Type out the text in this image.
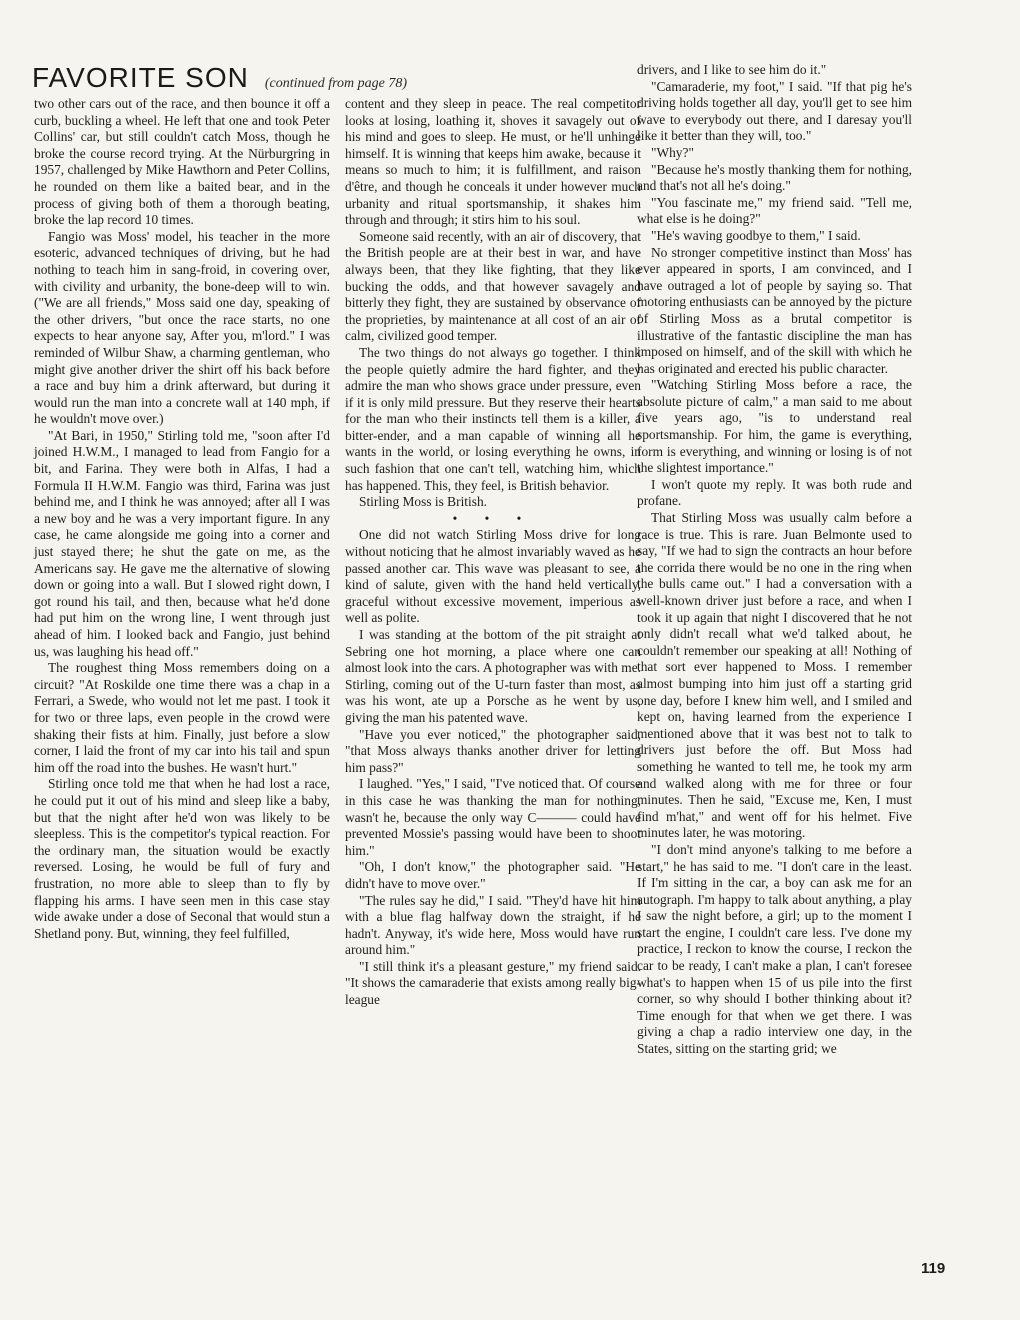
FAVORITE SON (continued from page 78)

two other cars out of the race, and then bounce it off a curb, buckling a wheel. He left that one and took Peter Collins' car, but still couldn't catch Moss, though he broke the course record trying. At the Nürburgring in 1957, challenged by Mike Hawthorn and Peter Collins, he rounded on them like a baited bear, and in the process of giving both of them a thorough beating, broke the lap record 10 times.

Fangio was Moss' model, his teacher in the more esoteric, advanced techniques of driving, but he had nothing to teach him in sang-froid, in covering over, with civility and urbanity, the bone-deep will to win. ("We are all friends," Moss said one day, speaking of the other drivers, "but once the race starts, no one expects to hear anyone say, After you, m'lord." I was reminded of Wilbur Shaw, a charming gentleman, who might give another driver the shirt off his back before a race and buy him a drink afterward, but during it would run the man into a concrete wall at 140 mph, if he wouldn't move over.)

"At Bari, in 1950," Stirling told me, "soon after I'd joined H.W.M., I managed to lead from Fangio for a bit, and Farina. They were both in Alfas, I had a Formula II H.W.M. Fangio was third, Farina was just behind me, and I think he was annoyed; after all I was a new boy and he was a very important figure. In any case, he came alongside me going into a corner and just stayed there; he shut the gate on me, as the Americans say. He gave me the alternative of slowing down or going into a wall. But I slowed right down, I got round his tail, and then, because what he'd done had put him on the wrong line, I went through just ahead of him. I looked back and Fangio, just behind us, was laughing his head off."

The roughest thing Moss remembers doing on a circuit? "At Roskilde one time there was a chap in a Ferrari, a Swede, who would not let me past. I took it for two or three laps, even people in the crowd were shaking their fists at him. Finally, just before a slow corner, I laid the front of my car into his tail and spun him off the road into the bushes. He wasn't hurt."

Stirling once told me that when he had lost a race, he could put it out of his mind and sleep like a baby, but that the night after he'd won was likely to be sleepless. This is the competitor's typical reaction. For the ordinary man, the situation would be exactly reversed. Losing, he would be full of fury and frustration, no more able to sleep than to fly by flapping his arms. I have seen men in this case stay wide awake under a dose of Seconal that would stun a Shetland pony. But, winning, they feel fulfilled,

content and they sleep in peace. The real competitor looks at losing, loathing it, shoves it savagely out of his mind and goes to sleep. He must, or he'll unhinge himself. It is winning that keeps him awake, because it means so much to him; it is fulfillment, and raison d'être, and though he conceals it under however much urbanity and ritual sportsmanship, it shakes him through and through; it stirs him to his soul.

Someone said recently, with an air of discovery, that the British people are at their best in war, and have always been, that they like fighting, that they like bucking the odds, and that however savagely and bitterly they fight, they are sustained by observance of the proprieties, by maintenance at all cost of an air of calm, civilized good temper.

The two things do not always go together. I think the people quietly admire the hard fighter, and they admire the man who shows grace under pressure, even if it is only mild pressure. But they reserve their hearts for the man who their instincts tell them is a killer, a bitter-ender, and a man capable of winning all he wants in the world, or losing everything he owns, in such fashion that one can't tell, watching him, which has happened. This, they feel, is British behavior.

Stirling Moss is British.

• • •

One did not watch Stirling Moss drive for long without noticing that he almost invariably waved as he passed another car. This wave was pleasant to see, a kind of salute, given with the hand held vertically, graceful without excessive movement, imperious as well as polite.

I was standing at the bottom of the pit straight at Sebring one hot morning, a place where one can almost look into the cars. A photographer was with me. Stirling, coming out of the U-turn faster than most, as was his wont, ate up a Porsche as he went by us, giving the man his patented wave.

"Have you ever noticed," the photographer said, "that Moss always thanks another driver for letting him pass?"

I laughed. "Yes," I said, "I've noticed that. Of course in this case he was thanking the man for nothing, wasn't he, because the only way C——— could have prevented Mossie's passing would have been to shoot him."

"Oh, I don't know," the photographer said. "He didn't have to move over."

"The rules say he did," I said. "They'd have hit him with a blue flag halfway down the straight, if he hadn't. Anyway, it's wide here, Moss would have run around him."

"I still think it's a pleasant gesture," my friend said. "It shows the camaraderie that exists among really big-league

drivers, and I like to see him do it."

"Camaraderie, my foot," I said. "If that pig he's driving holds together all day, you'll get to see him wave to everybody out there, and I daresay you'll like it better than they will, too."

"Why?"

"Because he's mostly thanking them for nothing, and that's not all he's doing."

"You fascinate me," my friend said. "Tell me, what else is he doing?"

"He's waving goodbye to them," I said.

No stronger competitive instinct than Moss' has ever appeared in sports, I am convinced, and I have outraged a lot of people by saying so. That motoring enthusiasts can be annoyed by the picture of Stirling Moss as a brutal competitor is illustrative of the fantastic discipline the man has imposed on himself, and of the skill with which he has originated and erected his public character.

"Watching Stirling Moss before a race, the absolute picture of calm," a man said to me about five years ago, "is to understand real sportsmanship. For him, the game is everything, form is everything, and winning or losing is of not the slightest importance."

I won't quote my reply. It was both rude and profane.

That Stirling Moss was usually calm before a race is true. This is rare. Juan Belmonte used to say, "If we had to sign the contracts an hour before the corrida there would be no one in the ring when the bulls came out." I had a conversation with a well-known driver just before a race, and when I took it up again that night I discovered that he not only didn't recall what we'd talked about, he couldn't remember our speaking at all! Nothing of that sort ever happened to Moss. I remember almost bumping into him just off a starting grid one day, before I knew him well, and I smiled and kept on, having learned from the experience I mentioned above that it was best not to talk to drivers just before the off. But Moss had something he wanted to tell me, he took my arm and walked along with me for three or four minutes. Then he said, "Excuse me, Ken, I must find m'hat," and went off for his helmet. Five minutes later, he was motoring.

"I don't mind anyone's talking to me before a start," he has said to me. "I don't care in the least. If I'm sitting in the car, a boy can ask me for an autograph. I'm happy to talk about anything, a play I saw the night before, a girl; up to the moment I start the engine, I couldn't care less. I've done my practice, I reckon to know the course, I reckon the car to be ready, I can't make a plan, I can't foresee what's to happen when 15 of us pile into the first corner, so why should I bother thinking about it? Time enough for that when we get there. I was giving a chap a radio interview one day, in the States, sitting on the starting grid; we

119
